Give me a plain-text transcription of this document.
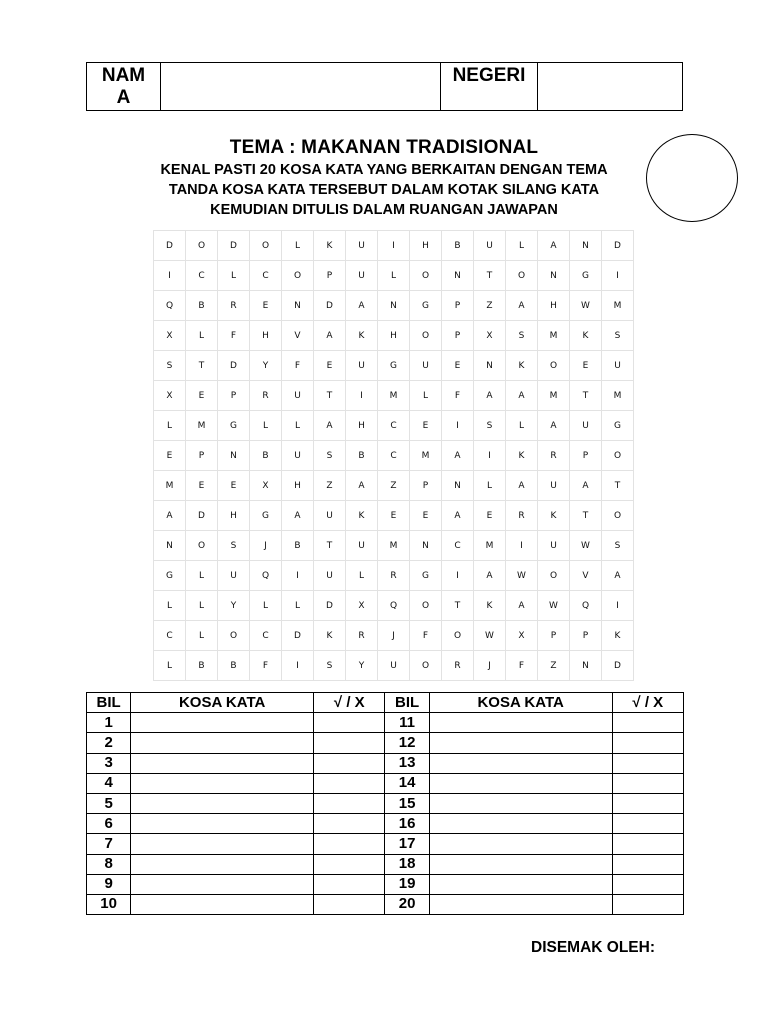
NAMA		NEGERI	
TEMA : MAKANAN TRADISIONAL
KENAL PASTI 20 KOSA KATA YANG BERKAITAN DENGAN TEMA
TANDA KOSA KATA TERSEBUT DALAM KOTAK SILANG KATA
KEMUDIAN DITULIS DALAM RUANGAN JAWAPAN
D	O	D	O	L	K	U	I	H	B	U	L	A	N	D
I	C	L	C	O	P	U	L	O	N	T	O	N	G	I
Q	B	R	E	N	D	A	N	G	P	Z	A	H	W	M
X	L	F	H	V	A	K	H	O	P	X	S	M	K	S
S	T	D	Y	F	E	U	G	U	E	N	K	O	E	U
X	E	P	R	U	T	I	M	L	F	A	A	M	T	M
L	M	G	L	L	A	H	C	E	I	S	L	A	U	G
E	P	N	B	U	S	B	C	M	A	I	K	R	P	O
M	E	E	X	H	Z	A	Z	P	N	L	A	U	A	T
A	D	H	G	A	U	K	E	E	A	E	R	K	T	O
N	O	S	J	B	T	U	M	N	C	M	I	U	W	S
G	L	U	Q	I	U	L	R	G	I	A	W	O	V	A
L	L	Y	L	L	D	X	Q	O	T	K	A	W	Q	I
C	L	O	C	D	K	R	J	F	O	W	X	P	P	K
L	B	B	F	I	S	Y	U	O	R	J	F	Z	N	D
BIL	KOSA KATA	√ / X	BIL	KOSA KATA	√ / X
1			11		
2			12		
3			13		
4			14		
5			15		
6			16		
7			17		
8			18		
9			19		
10			20		
DISEMAK OLEH:
